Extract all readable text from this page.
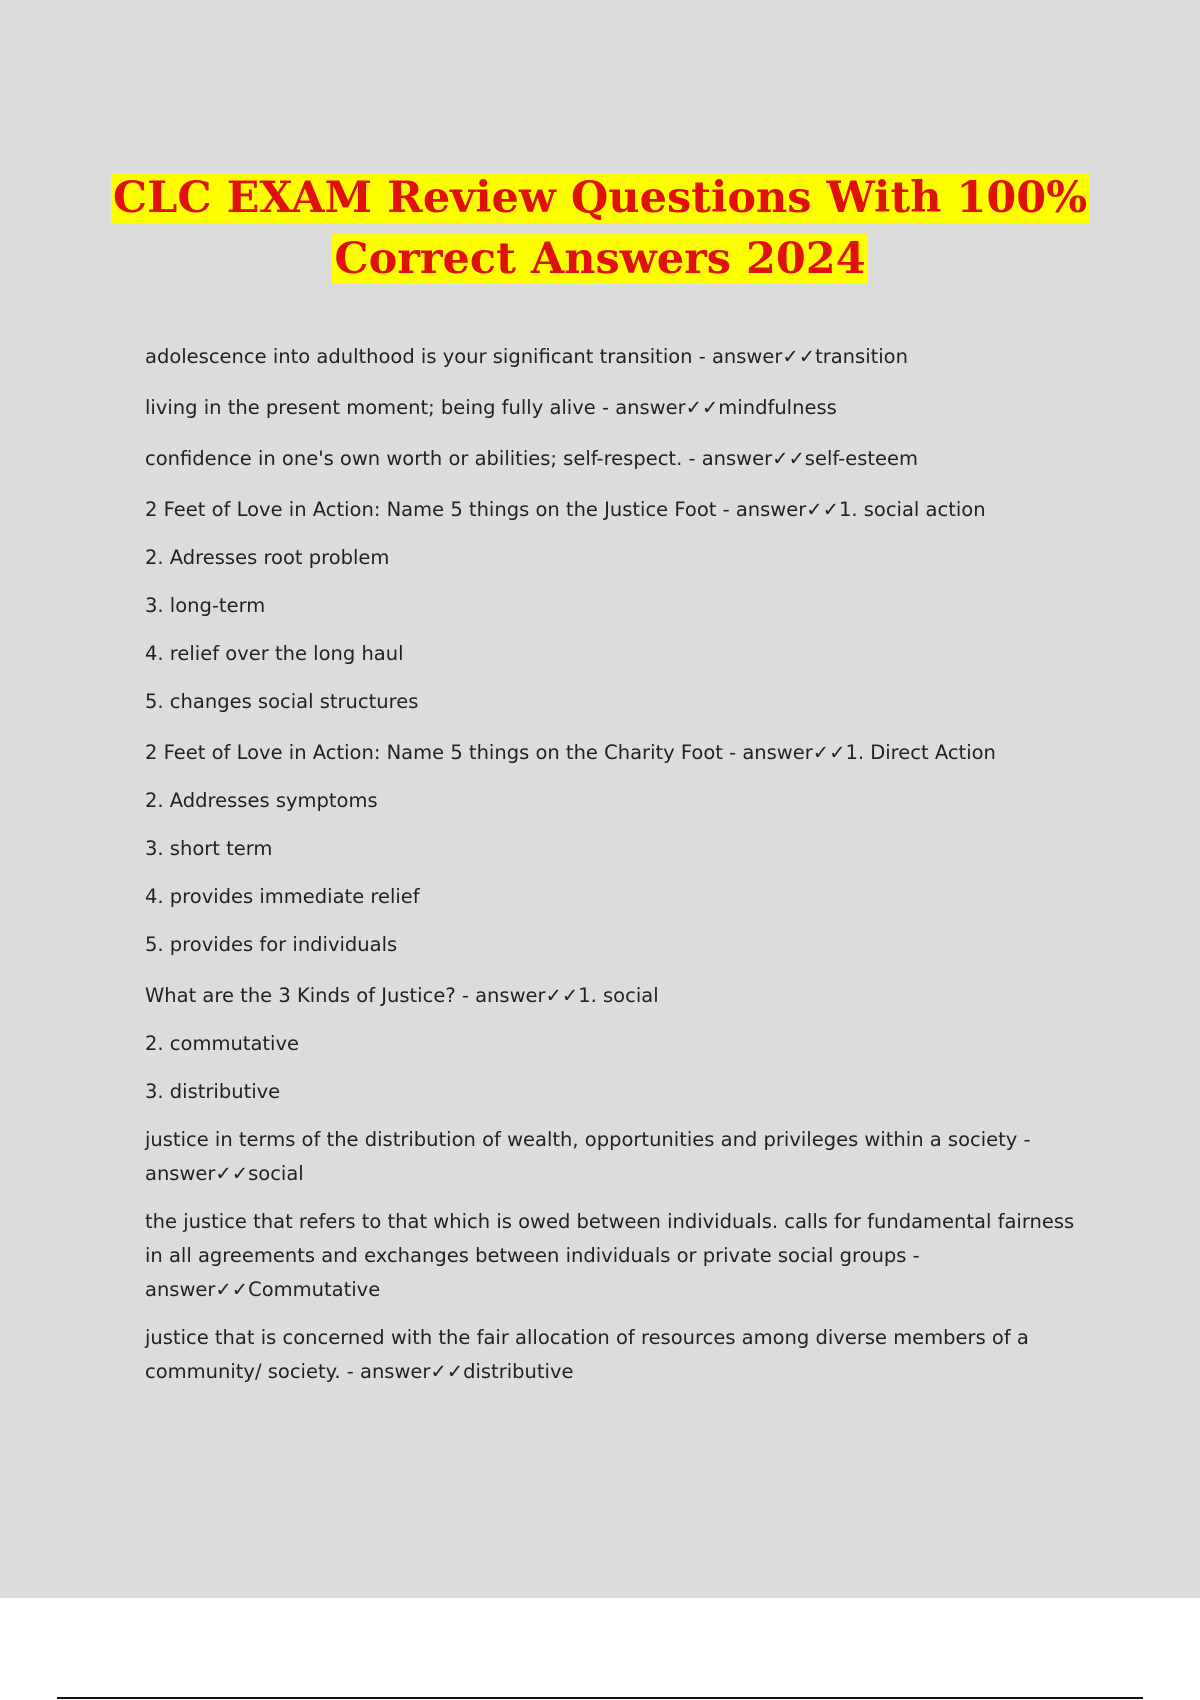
CLC EXAM Review Questions With 100%
Correct Answers 2024

adolescence into adulthood is your significant transition - answer✓✓transition

living in the present moment; being fully alive - answer✓✓mindfulness

confidence in one's own worth or abilities; self-respect. - answer✓✓self-esteem

2 Feet of Love in Action: Name 5 things on the Justice Foot - answer✓✓1. social action

2. Adresses root problem

3. long-term

4. relief over the long haul

5. changes social structures

2 Feet of Love in Action: Name 5 things on the Charity Foot - answer✓✓1. Direct Action

2. Addresses symptoms

3. short term

4. provides immediate relief

5. provides for individuals

What are the 3 Kinds of Justice? - answer✓✓1. social

2. commutative

3. distributive

justice in terms of the distribution of wealth, opportunities and privileges within a society -

answer✓✓social

the justice that refers to that which is owed between individuals. calls for fundamental fairness

in all agreements and exchanges between individuals or private social groups -

answer✓✓Commutative

justice that is concerned with the fair allocation of resources among diverse members of a

community/ society. - answer✓✓distributive
